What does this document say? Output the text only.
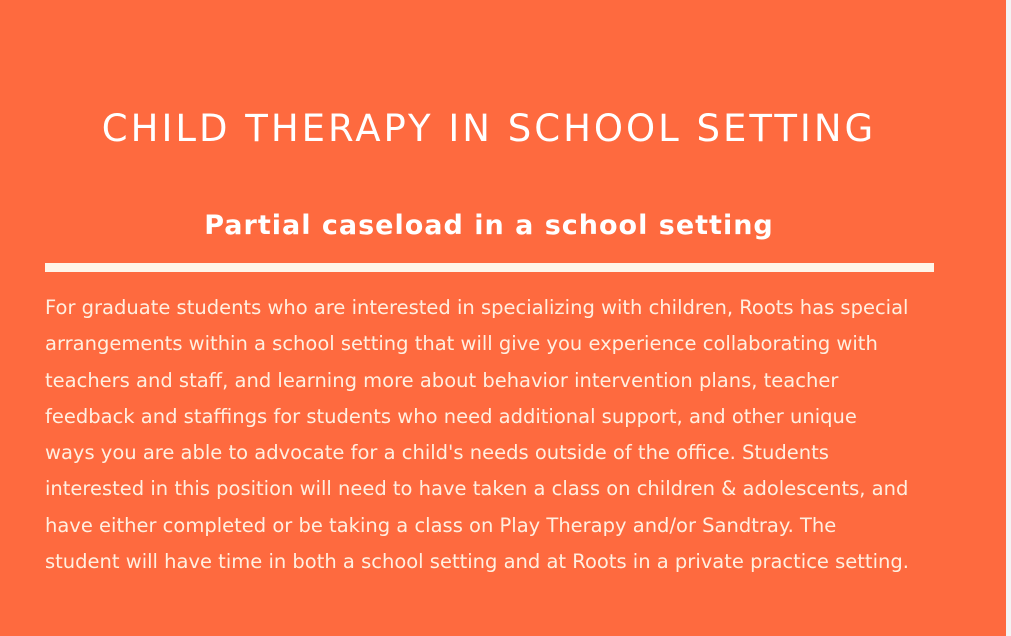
CHILD THERAPY IN SCHOOL SETTING
Partial caseload in a school setting

For graduate students who are interested in specializing with children, Roots has special
arrangements within a school setting that will give you experience collaborating with
teachers and staff, and learning more about behavior intervention plans, teacher
feedback and staffings for students who need additional support, and other unique
ways you are able to advocate for a child's needs outside of the office. Students
interested in this position will need to have taken a class on children & adolescents, and
have either completed or be taking a class on Play Therapy and/or Sandtray. The
student will have time in both a school setting and at Roots in a private practice setting.
